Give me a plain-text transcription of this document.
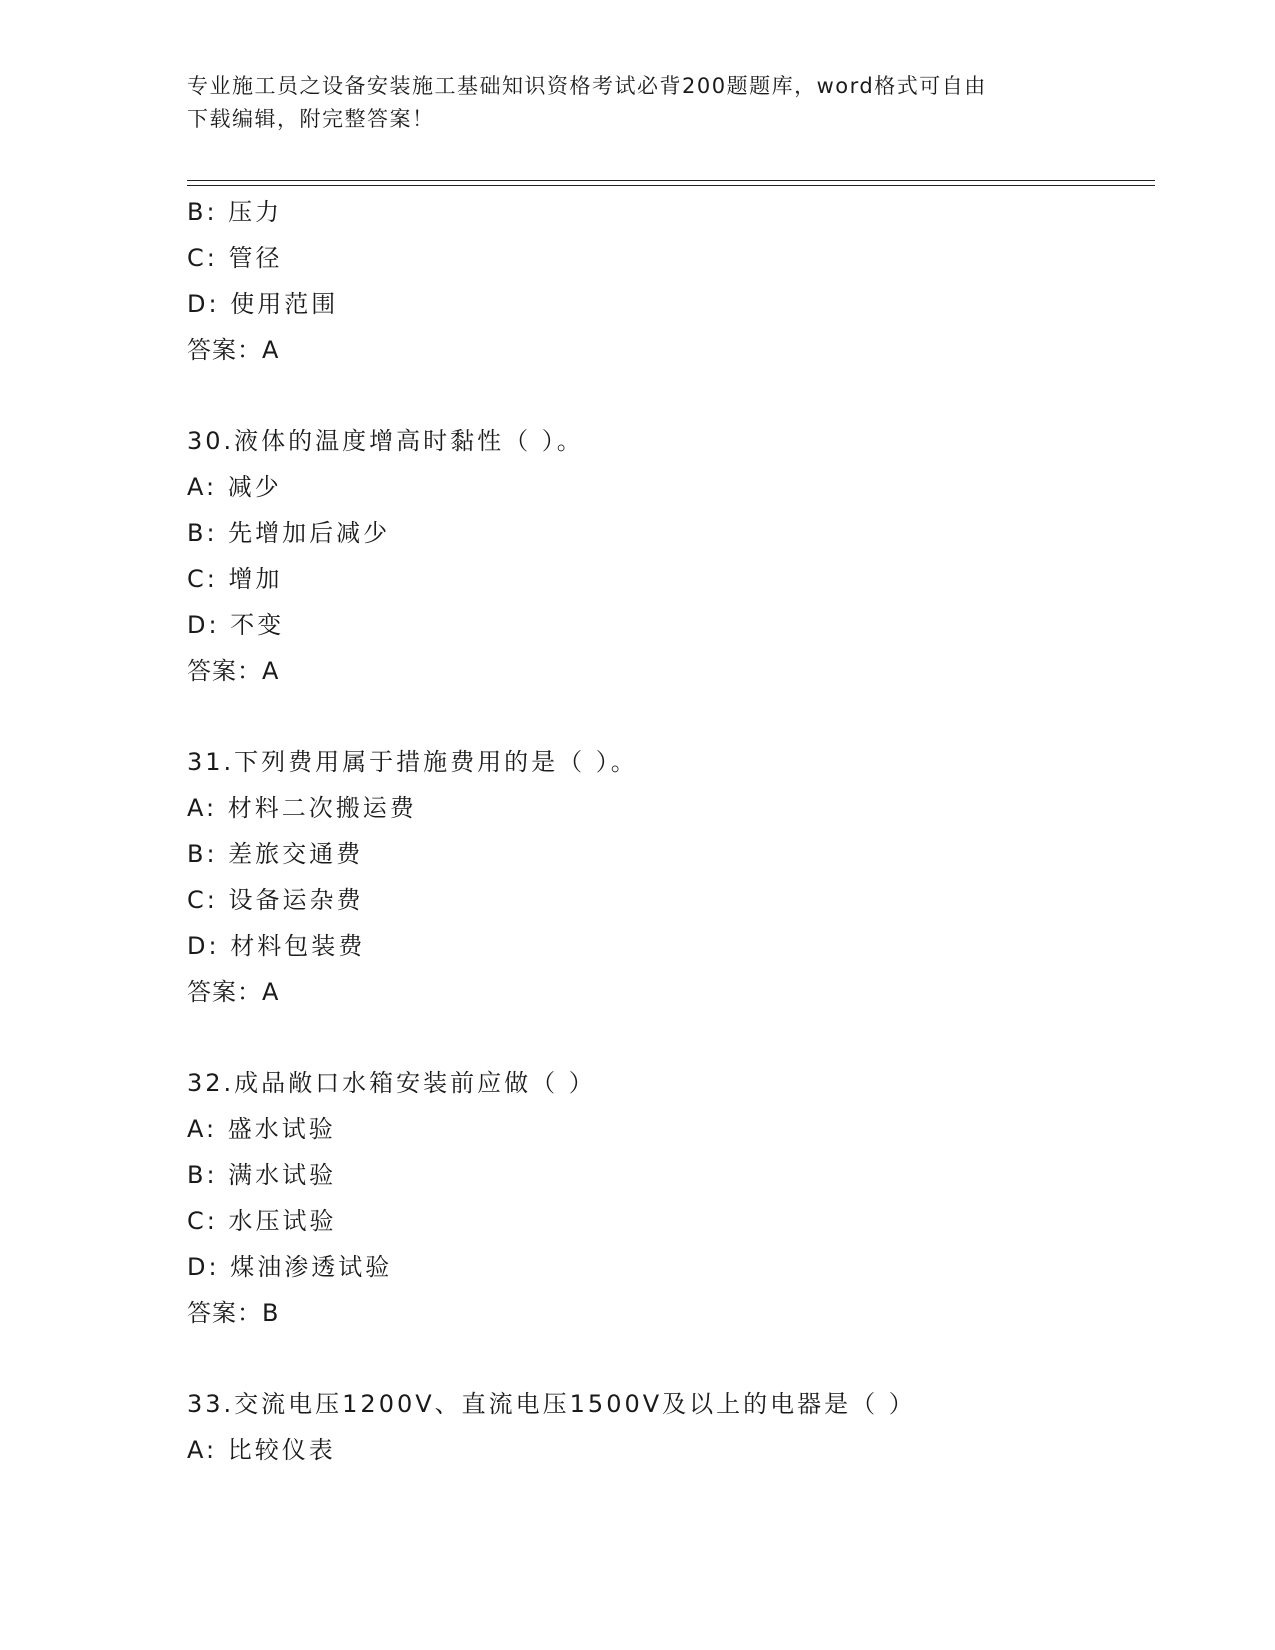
专业施工员之设备安装施工基础知识资格考试必背200题题库，word格式可自由
下载编辑，附完整答案！
B: 压力
C: 管径
D: 使用范围
答案：A
30.液体的温度增高时黏性（ ）。
A: 减少
B: 先增加后减少
C: 增加
D: 不变
答案：A
31.下列费用属于措施费用的是（ ）。
A: 材料二次搬运费
B: 差旅交通费
C: 设备运杂费
D: 材料包装费
答案：A
32.成品敞口水箱安装前应做（ ）
A: 盛水试验
B: 满水试验
C: 水压试验
D: 煤油渗透试验
答案：B
33.交流电压1200V、直流电压1500V及以上的电器是（ ）
A: 比较仪表
